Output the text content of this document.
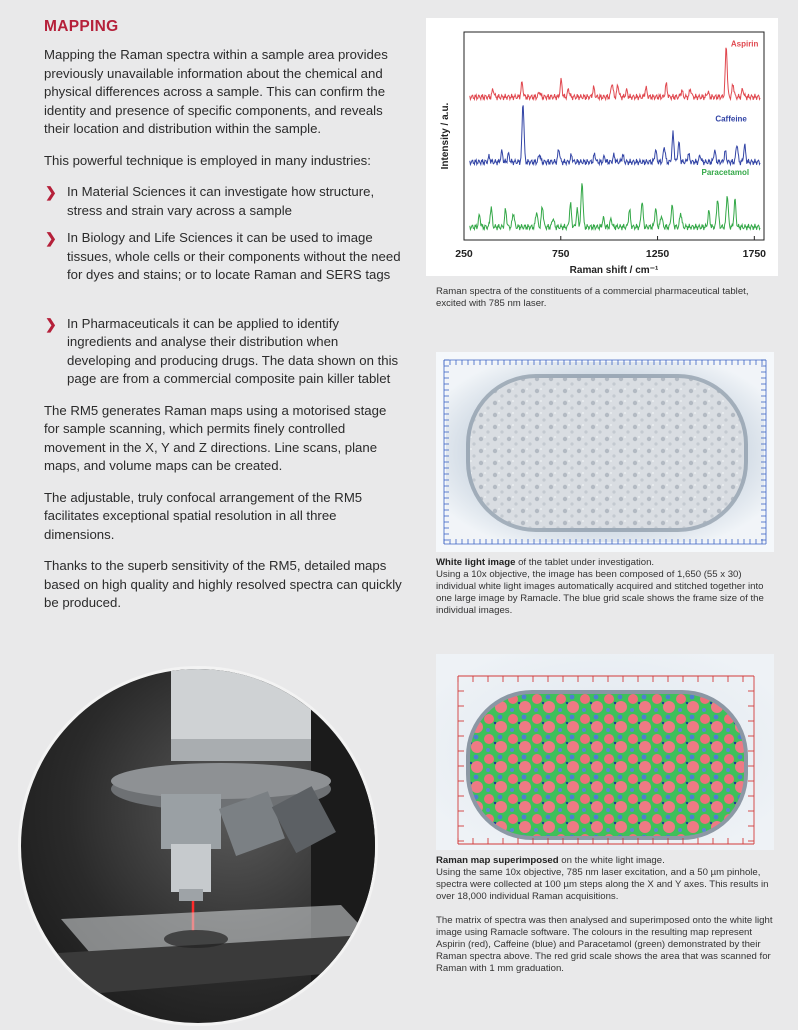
MAPPING

Mapping the Raman spectra within a sample area provides previously unavailable information about the chemical and physical differences across a sample. This can confirm the identity and presence of specific components, and reveals their location and distribution within the sample.

This powerful technique is employed in many industries:

❯ In Material Sciences it can investigate how structure, stress and strain vary across a sample
❯ In Biology and Life Sciences it can be used to image tissues, whole cells or their components without the need for dyes and stains; or to locate Raman and SERS tags
❯ In Pharmaceuticals it can be applied to identify ingredients and analyse their distribution when developing and producing drugs. The data shown on this page are from a commercial composite pain killer tablet

The RM5 generates Raman maps using a motorised stage for sample scanning, which permits finely controlled movement in the X, Y and Z directions. Line scans, plane maps, and volume maps can be created.

The adjustable, truly confocal arrangement of the RM5 facilitates exceptional spatial resolution in all three dimensions.

Thanks to the superb sensitivity of the RM5, detailed maps based on high quality and highly resolved spectra can quickly be produced.

250	750	1250	1750
Raman shift / cm⁻¹
Intensity / a.u.
Aspirin
Caffeine
Paracetamol
Raman spectra of the constituents of a commercial pharmaceutical tablet, excited with 785 nm laser.
White light image of the tablet under investigation.
Using a 10x objective, the image has been composed of 1,650 (55 x 30) individual white light images automatically acquired and stitched together into one large image by Ramacle. The blue grid scale shows the frame size of the individual images.
Raman map superimposed on the white light image.
Using the same 10x objective, 785 nm laser excitation, and a 50 µm pinhole, spectra were collected at 100 µm steps along the X and Y axes. This results in over 18,000 individual Raman acquisitions.

The matrix of spectra was then analysed and superimposed onto the white light image using Ramacle software. The colours in the resulting map represent Aspirin (red), Caffeine (blue) and Paracetamol (green) demonstrated by their Raman spectra above. The red grid scale shows the area that was scanned for Raman with 1 mm graduation.
